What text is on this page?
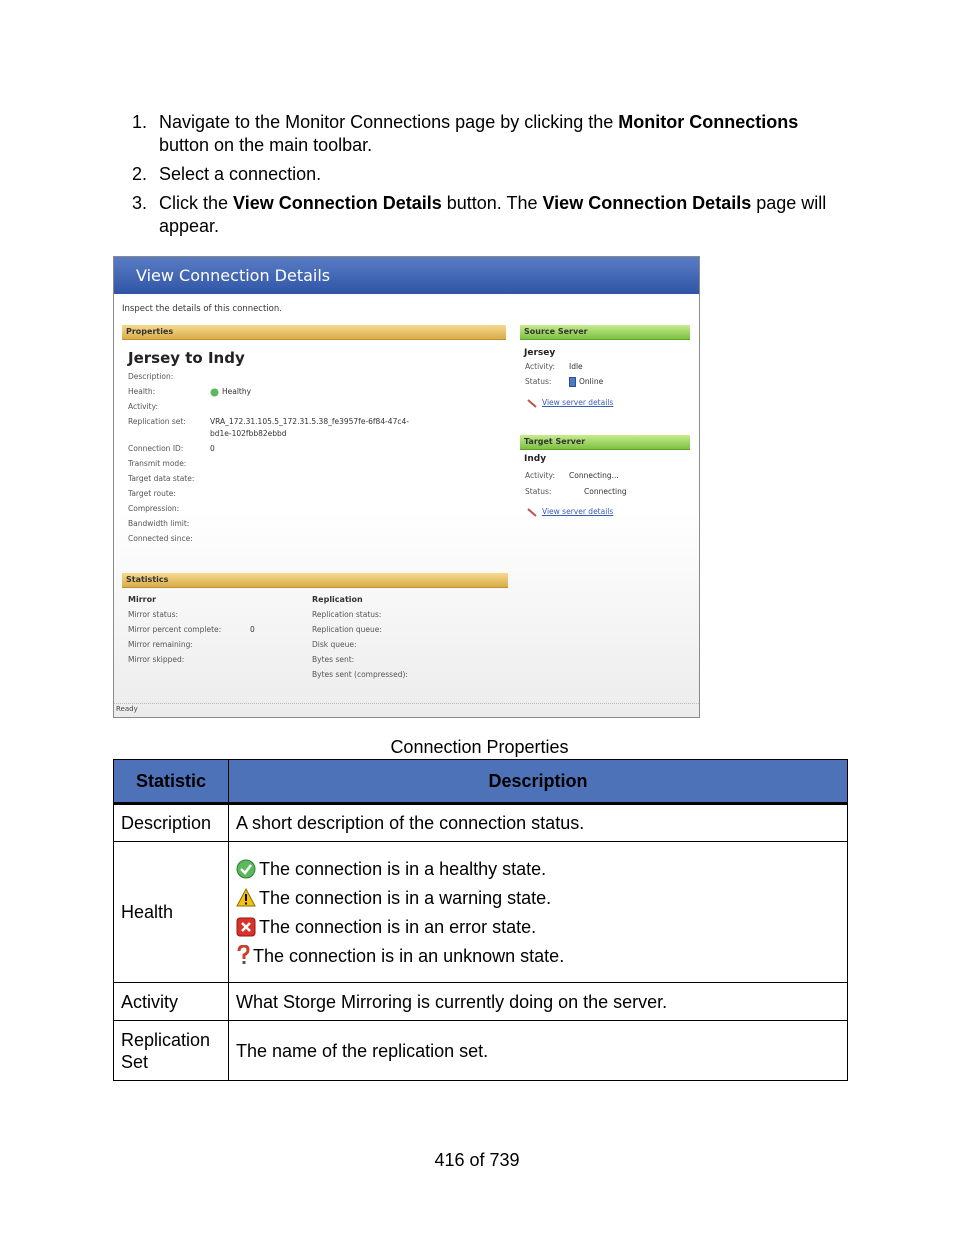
1. Navigate to the Monitor Connections page by clicking the Monitor Connections button on the main toolbar.
2. Select a connection.
3. Click the View Connection Details button. The View Connection Details page will appear.
View Connection Details
Inspect the details of this connection.
Properties
Jersey to Indy
Description:
Health:	Healthy
Activity:
Replication set:	VRA_172.31.105.5_172.31.5.38_fe3957fe-6f84-47c4-
bd1e-102fbb82ebbd
Connection ID:	0
Transmit mode:
Target data state:
Target route:
Compression:
Bandwidth limit:
Connected since:
Source Server
Jersey
Activity: Idle
Status:	Online
View server details
Target Server
Indy
Activity: Connecting...
Status:	Connecting
View server details
Statistics
Mirror
Mirror status:
Mirror percent complete:	0
Mirror remaining:
Mirror skipped:
Replication
Replication status:
Replication queue:
Disk queue:
Bytes sent:
Bytes sent (compressed):
Ready
Connection Properties
Statistic	Description
Description	A short description of the connection status.
Health	The connection is in a healthy state.
The connection is in a warning state.
The connection is in an error state.
The connection is in an unknown state.

Activity	What Storge Mirroring is currently doing on the server.
Replication Set	The name of the replication set.
416 of 739
